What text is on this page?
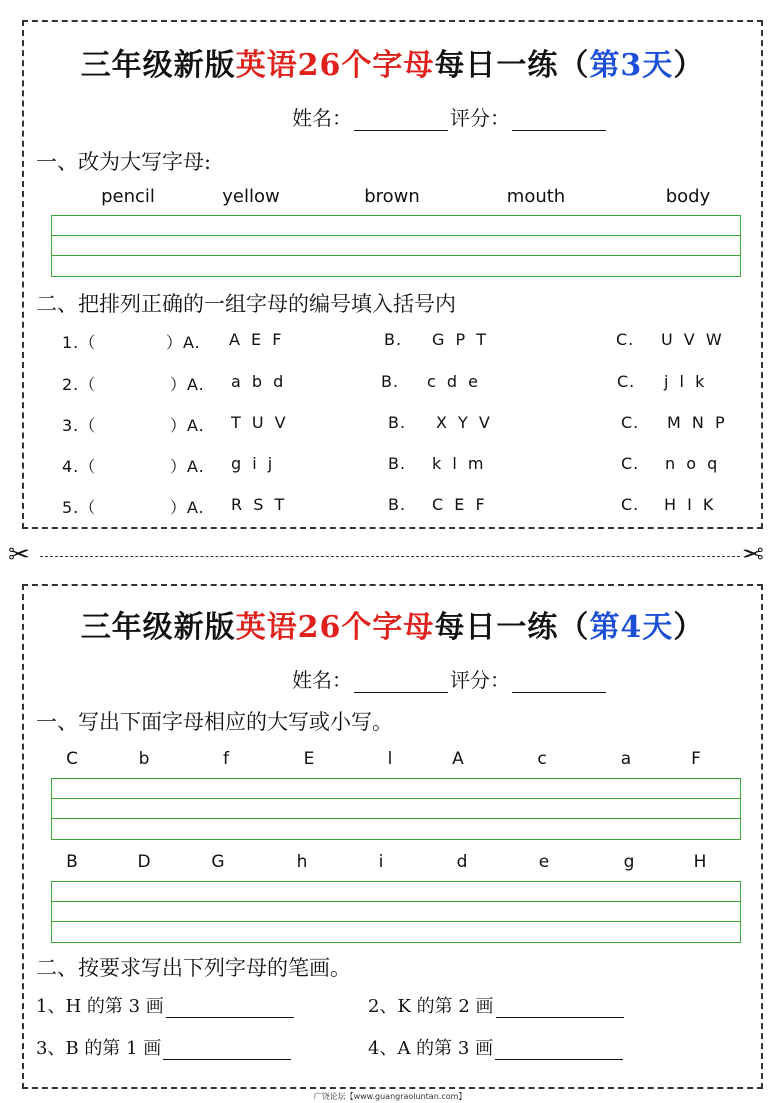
三年级新版英语26个字母每日一练（第3天）
姓名：	评分：
一、改为大写字母:
pencil	yellow	brown	mouth	body
二、把排列正确的一组字母的编号填入括号内
1.（	）A. A E F	B. G P T	C. U V W
2.（	）A. a b d	B. c d e	C. j l k
3.（	）A. T U V	B. X Y V	C. M N P
4.（	）A. g i j	B. k l m	C. n o q
5.（	）A. R S T	B. C E F	C. H I K
✂	✂
三年级新版英语26个字母每日一练（第4天）
姓名：	评分：
一、写出下面字母相应的大写或小写。
C	b	f	E	l	A	c	a	F
B	D	G	h	i	d	e	g	H
二、按要求写出下列字母的笔画。
1、H 的第 3 画	2、K 的第 2 画
3、B 的第 1 画	4、A 的第 3 画
广饶论坛【www.guangraoluntan.com】
